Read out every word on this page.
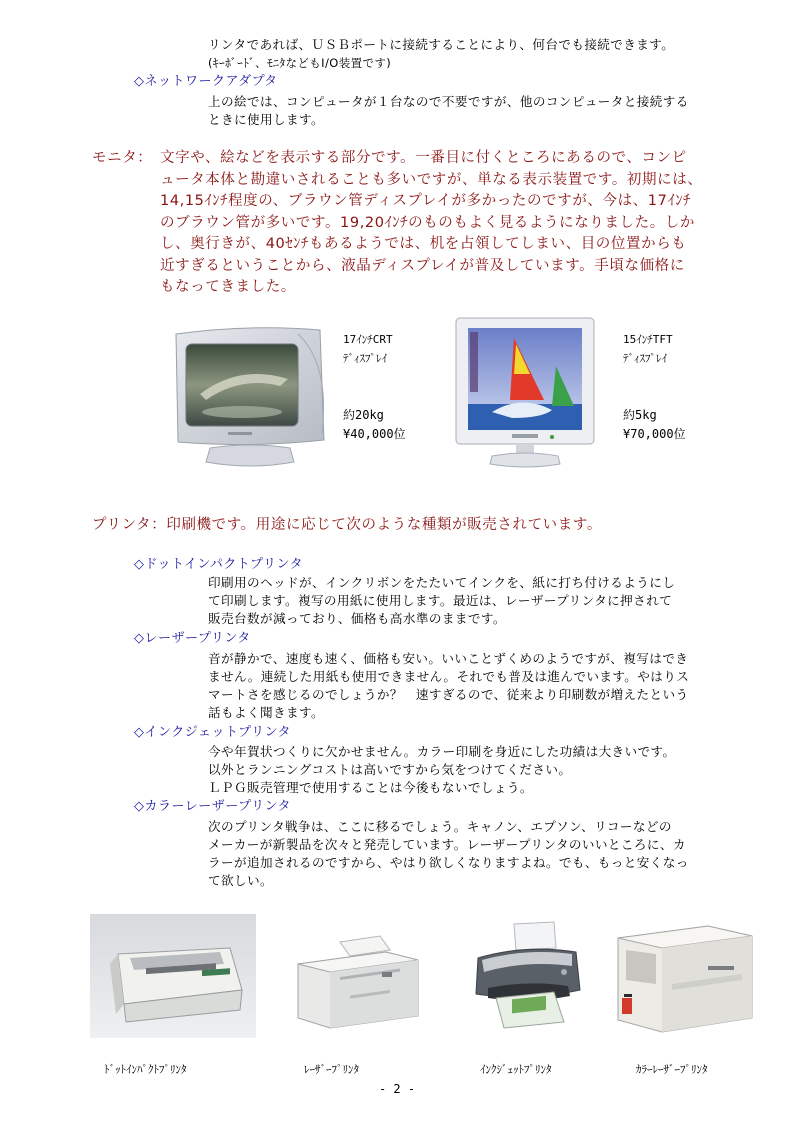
リンタであれば、ＵＳＢポートに接続することにより、何台でも接続できます。
(ｷｰﾎﾞｰﾄﾞ、ﾓﾆﾀなどもI/O装置です)
◇ネットワークアダプタ
上の絵では、コンピュータが１台なので不要ですが、他のコンピュータと接続する
ときに使用します。
モニタ： 文字や、絵などを表示する部分です。一番目に付くところにあるので、コンピ
ュータ本体と勘違いされることも多いですが、単なる表示装置です。初期には、
14,15ｲﾝﾁ程度の、ブラウン管ディスプレイが多かったのですが、今は、17ｲﾝﾁ
のブラウン管が多いです。19,20ｲﾝﾁのものもよく見るようになりました。しか
し、奥行きが、40ｾﾝﾁもあるようでは、机を占領してしまい、目の位置からも
近すぎるということから、液晶ディスプレイが普及しています。手頃な価格に
もなってきました。
17ｲﾝﾁCRT
ﾃﾞｨｽﾌﾟﾚｲ
約20kg
¥40,000位
15ｲﾝﾁTFT
ﾃﾞｨｽﾌﾟﾚｲ
約5kg
¥70,000位
プリンタ：印刷機です。用途に応じて次のような種類が販売されています。
◇ドットインパクトプリンタ
印刷用のヘッドが、インクリボンをたたいてインクを、紙に打ち付けるようにし
て印刷します。複写の用紙に使用します。最近は、レーザープリンタに押されて
販売台数が減っており、価格も高水準のままです。
◇レーザープリンタ
音が静かで、速度も速く、価格も安い。いいことずくめのようですが、複写はでき
ません。連続した用紙も使用できません。それでも普及は進んでいます。やはりス
マートさを感じるのでしょうか？　速すぎるので、従来より印刷数が増えたという
話もよく聞きます。
◇インクジェットプリンタ
今や年賀状つくりに欠かせません。カラー印刷を身近にした功績は大きいです。
以外とランニングコストは高いですから気をつけてください。
ＬＰＧ販売管理で使用することは今後もないでしょう。
◇カラーレーザープリンタ
次のプリンタ戦争は、ここに移るでしょう。キャノン、エプソン、リコーなどの
メーカーが新製品を次々と発売しています。レーザープリンタのいいところに、カ
ラーが追加されるのですから、やはり欲しくなりますよね。でも、もっと安くなっ
て欲しい。
ﾄﾞｯﾄｲﾝﾊﾟｸﾄﾌﾟﾘﾝﾀ	ﾚｰｻﾞｰﾌﾟﾘﾝﾀ	ｲﾝｸｼﾞｪｯﾄﾌﾟﾘﾝﾀ	ｶﾗｰﾚｰｻﾞｰﾌﾟﾘﾝﾀ
- 2 -
